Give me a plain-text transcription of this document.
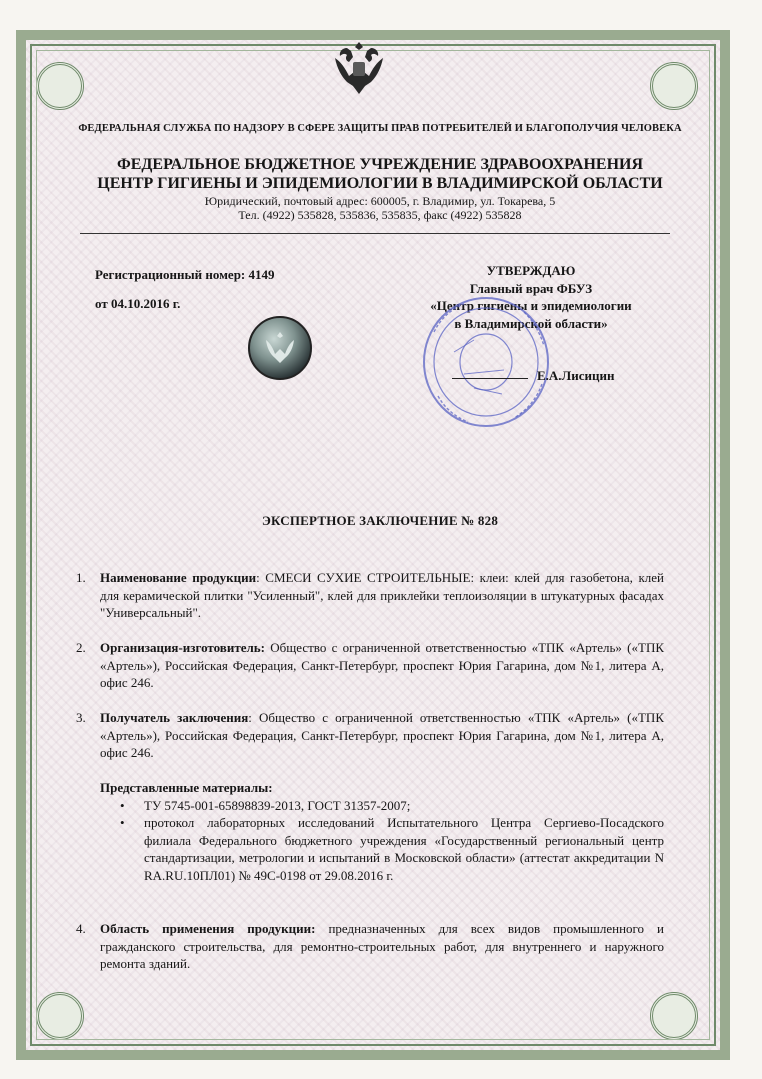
ФЕДЕРАЛЬНАЯ СЛУЖБА ПО НАДЗОРУ В СФЕРЕ ЗАЩИТЫ ПРАВ ПОТРЕБИТЕЛЕЙ И БЛАГОПОЛУЧИЯ ЧЕЛОВЕКА
ФЕДЕРАЛЬНОЕ БЮДЖЕТНОЕ УЧРЕЖДЕНИЕ ЗДРАВООХРАНЕНИЯ
ЦЕНТР ГИГИЕНЫ И ЭПИДЕМИОЛОГИИ В ВЛАДИМИРСКОЙ ОБЛАСТИ
Юридический, почтовый адрес: 600005, г. Владимир, ул. Токарева, 5
Тел. (4922) 535828, 535836, 535835, факс (4922) 535828
Регистрационный номер: 4149
от 04.10.2016 г.
УТВЕРЖДАЮ
Главный врач ФБУЗ
«Центр гигиены и эпидемиологии
в Владимирской области»
Е.А.Лисицин
ЭКСПЕРТНОЕ ЗАКЛЮЧЕНИЕ № 828
1. Наименование продукции: СМЕСИ СУХИЕ СТРОИТЕЛЬНЫЕ: клеи: клей для газобетона, клей для керамической плитки "Усиленный", клей для приклейки теплоизоляции в штукатурных фасадах "Универсальный".
2. Организация-изготовитель: Общество с ограниченной ответственностью «ТПК «Артель» («ТПК «Артель»), Российская Федерация, Санкт-Петербург, проспект Юрия Гагарина, дом №1, литера А, офис 246.
3. Получатель заключения: Общество с ограниченной ответственностью «ТПК «Артель» («ТПК «Артель»), Российская Федерация, Санкт-Петербург, проспект Юрия Гагарина, дом №1, литера А, офис 246.
Представленные материалы:
• ТУ 5745-001-65898839-2013, ГОСТ 31357-2007;
• протокол лабораторных исследований Испытательного Центра Сергиево-Посадского филиала Федерального бюджетного учреждения «Государственный региональный центр стандартизации, метрологии и испытаний в Московской области» (аттестат аккредитации N RA.RU.10ПЛ01) № 49С-0198 от 29.08.2016 г.
4. Область применения продукции: предназначенных для всех видов промышленного и гражданского строительства, для ремонтно-строительных работ, для внутреннего и наружного ремонта зданий.
